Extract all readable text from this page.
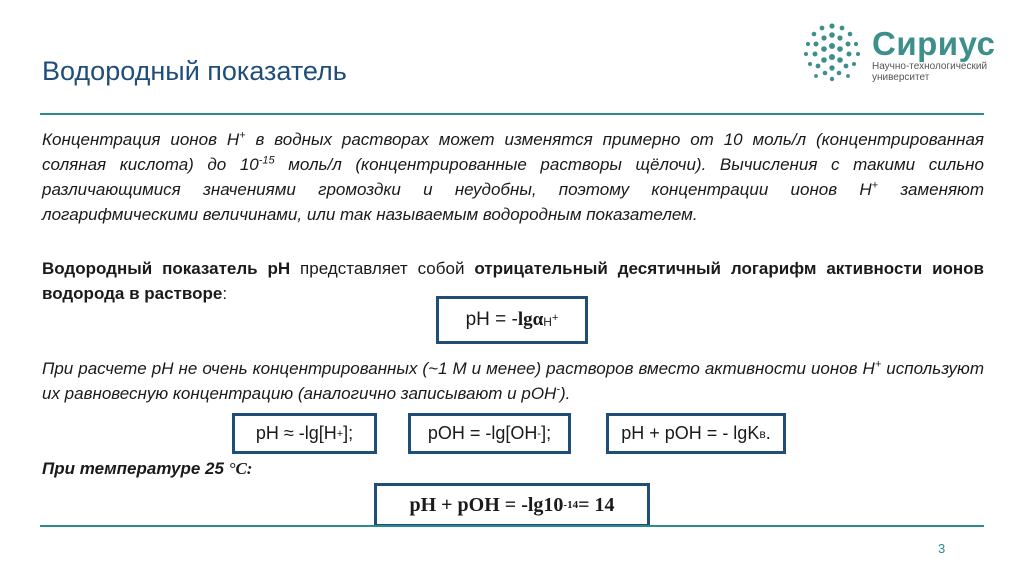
Водородный показатель
Сириус
Научно-технологический
университет
Концентрация ионов H+ в водных растворах может изменятся примерно от 10 моль/л (концентрированная соляная кислота) до $10^{-15}$ моль/л (концентрированные растворы щёлочи). Вычисления с такими сильно различающимися значениями громоздки и неудобны, поэтому концентрации ионов H+ заменяют логарифмическими величинами, или так называемым водородным показателем.
Водородный показатель pH представляет собой отрицательный десятичный логарифм активности ионов водорода в растворе:
pH = - lgα H+
При расчете pH не очень концентрированных (~1 M и менее) растворов вместо активности ионов H+ используют их равновесную концентрацию (аналогично записывают и pOH-).
pH ≈ -lg[H + ];	pOH = -lg[OH - ];	pH + pOH = - lgK в .
При температуре 25 °C:
pH + pOH = -lg10 -14 = 14
3
